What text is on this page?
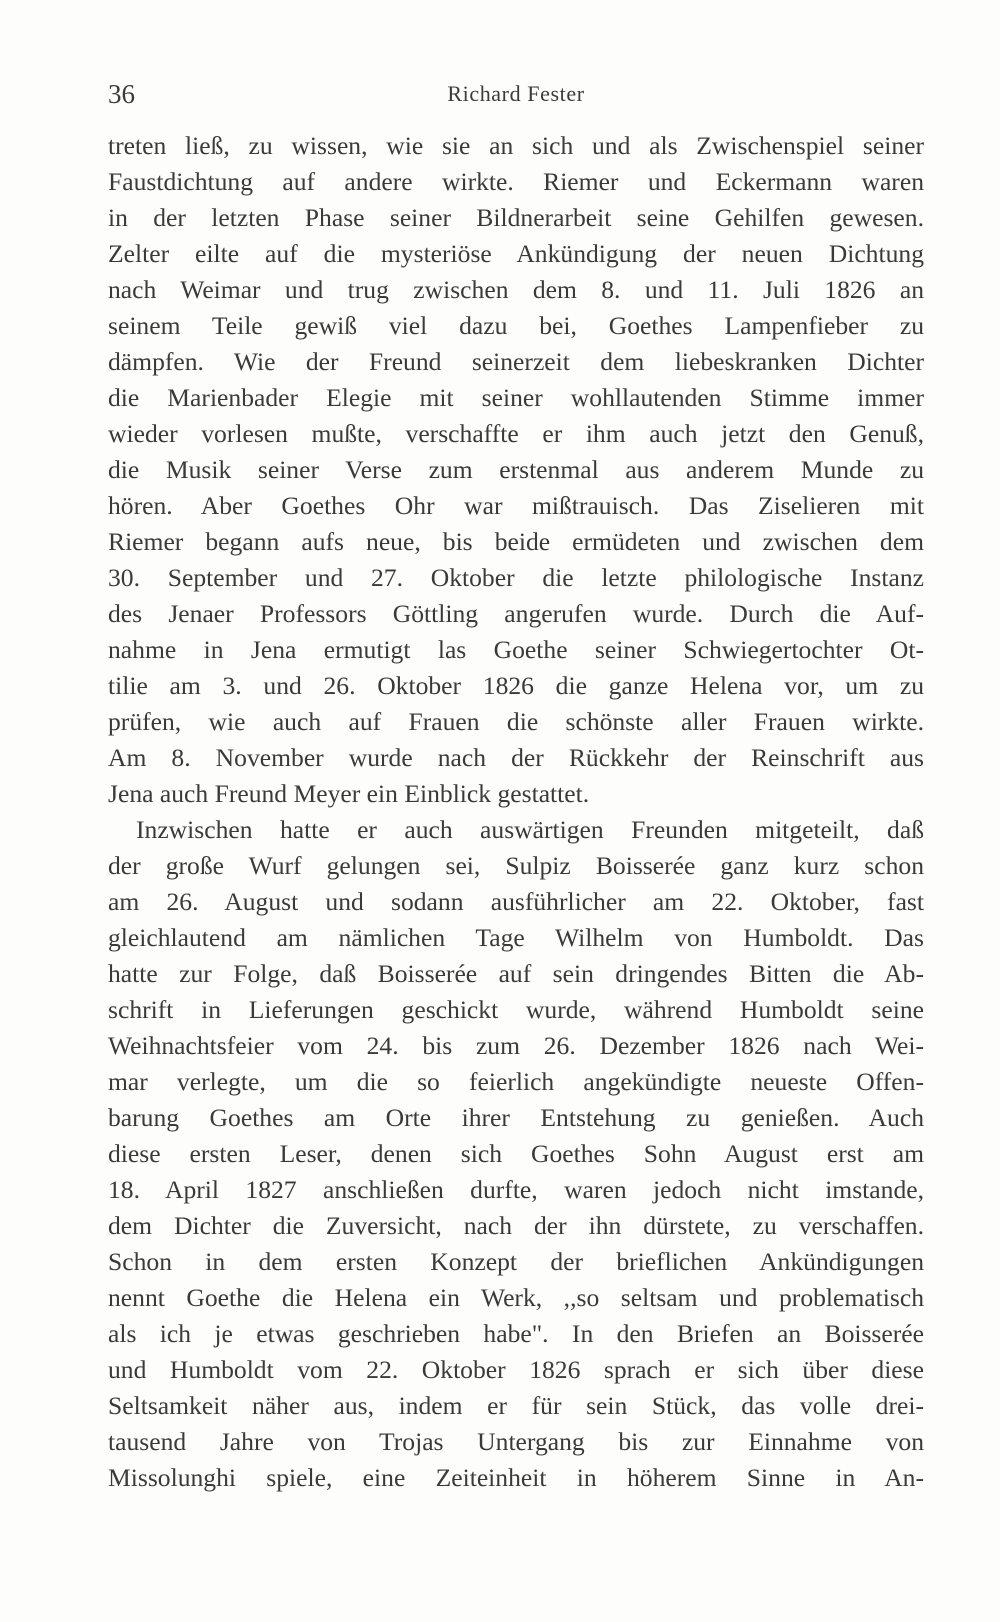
36	Richard Fester
treten ließ, zu wissen, wie sie an sich und als Zwischenspiel seiner
Faustdichtung auf andere wirkte. Riemer und Eckermann waren
in der letzten Phase seiner Bildnerarbeit seine Gehilfen gewesen.
Zelter eilte auf die mysteriöse Ankündigung der neuen Dichtung
nach Weimar und trug zwischen dem 8. und 11. Juli 1826 an
seinem Teile gewiß viel dazu bei, Goethes Lampenfieber zu
dämpfen. Wie der Freund seinerzeit dem liebeskranken Dichter
die Marienbader Elegie mit seiner wohllautenden Stimme immer
wieder vorlesen mußte, verschaffte er ihm auch jetzt den Genuß,
die Musik seiner Verse zum erstenmal aus anderem Munde zu
hören. Aber Goethes Ohr war mißtrauisch. Das Ziselieren mit
Riemer begann aufs neue, bis beide ermüdeten und zwischen dem
30. September und 27. Oktober die letzte philologische Instanz
des Jenaer Professors Göttling angerufen wurde. Durch die Auf-
nahme in Jena ermutigt las Goethe seiner Schwiegertochter Ot-
tilie am 3. und 26. Oktober 1826 die ganze Helena vor, um zu
prüfen, wie auch auf Frauen die schönste aller Frauen wirkte.
Am 8. November wurde nach der Rückkehr der Reinschrift aus
Jena auch Freund Meyer ein Einblick gestattet.
Inzwischen hatte er auch auswärtigen Freunden mitgeteilt, daß
der große Wurf gelungen sei, Sulpiz Boisserée ganz kurz schon
am 26. August und sodann ausführlicher am 22. Oktober, fast
gleichlautend am nämlichen Tage Wilhelm von Humboldt. Das
hatte zur Folge, daß Boisserée auf sein dringendes Bitten die Ab-
schrift in Lieferungen geschickt wurde, während Humboldt seine
Weihnachtsfeier vom 24. bis zum 26. Dezember 1826 nach Wei-
mar verlegte, um die so feierlich angekündigte neueste Offen-
barung Goethes am Orte ihrer Entstehung zu genießen. Auch
diese ersten Leser, denen sich Goethes Sohn August erst am
18. April 1827 anschließen durfte, waren jedoch nicht imstande,
dem Dichter die Zuversicht, nach der ihn dürstete, zu verschaffen.
Schon in dem ersten Konzept der brieflichen Ankündigungen
nennt Goethe die Helena ein Werk, ,,so seltsam und problematisch
als ich je etwas geschrieben habe". In den Briefen an Boisserée
und Humboldt vom 22. Oktober 1826 sprach er sich über diese
Seltsamkeit näher aus, indem er für sein Stück, das volle drei-
tausend Jahre von Trojas Untergang bis zur Einnahme von
Missolunghi spiele, eine Zeiteinheit in höherem Sinne in An-
